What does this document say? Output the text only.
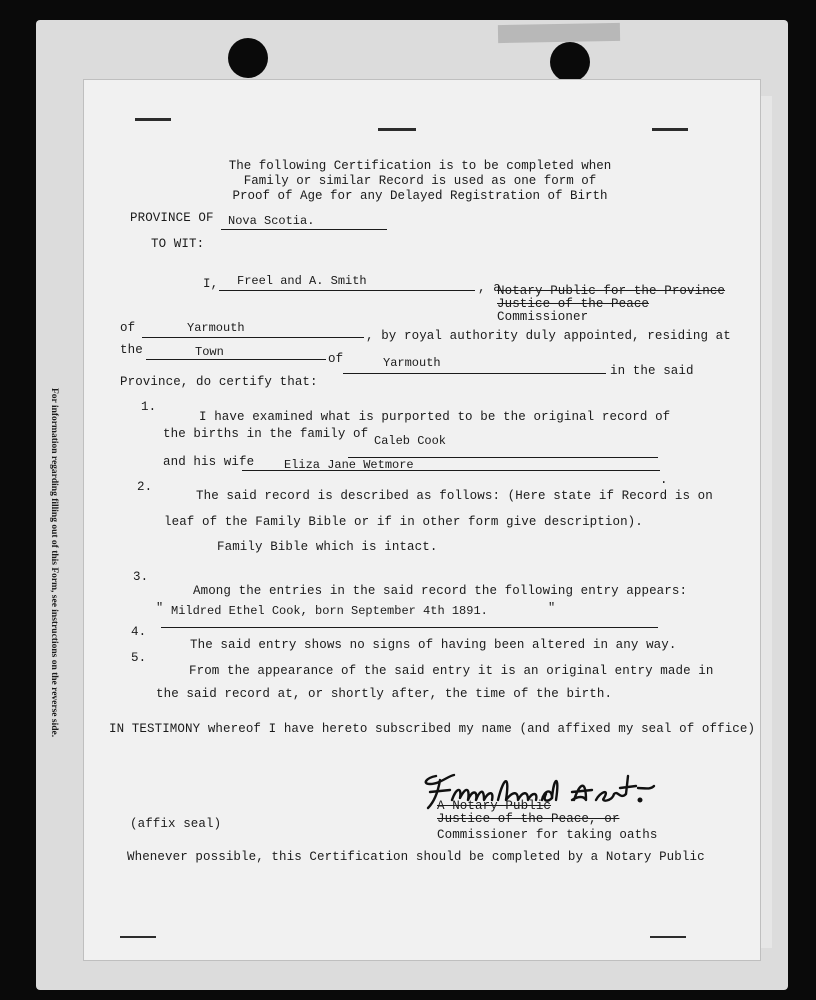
For information regarding filling out of this Form, see instructions on the reverse side.
The following Certification is to be completed when
Family or similar Record is used as one form of
Proof of Age for any Delayed Registration of Birth
PROVINCE OF Nova Scotia.
TO WIT:
I, Freel and A. Smith	, a
Notary Public for the Province
Justice of the Peace
Commissioner
of	Yarmouth
, by royal authority duly appointed, residing at
the	Town	of	Yarmouth
in the said
Province, do certify that:
1.
I have examined what is purported to be the original record of
the births in the family of Caleb Cook
and his wife Eliza Jane Wetmore
.
2.
The said record is described as follows: (Here state if Record is on
leaf of the Family Bible or if in other form give description).
Family Bible which is intact.
3.
Among the entries in the said record the following entry appears:
" Mildred Ethel Cook, born September 4th 1891.	"
4.
The said entry shows no signs of having been altered in any way.
5.
From the appearance of the said entry it is an original entry made in
the said record at, or shortly after, the time of the birth.
IN TESTIMONY whereof I have hereto subscribed my name (and affixed my seal of office)
A Notary Public
Justice of the Peace, or
Commissioner for taking oaths
(affix seal)
Whenever possible, this Certification should be completed by a Notary Public
